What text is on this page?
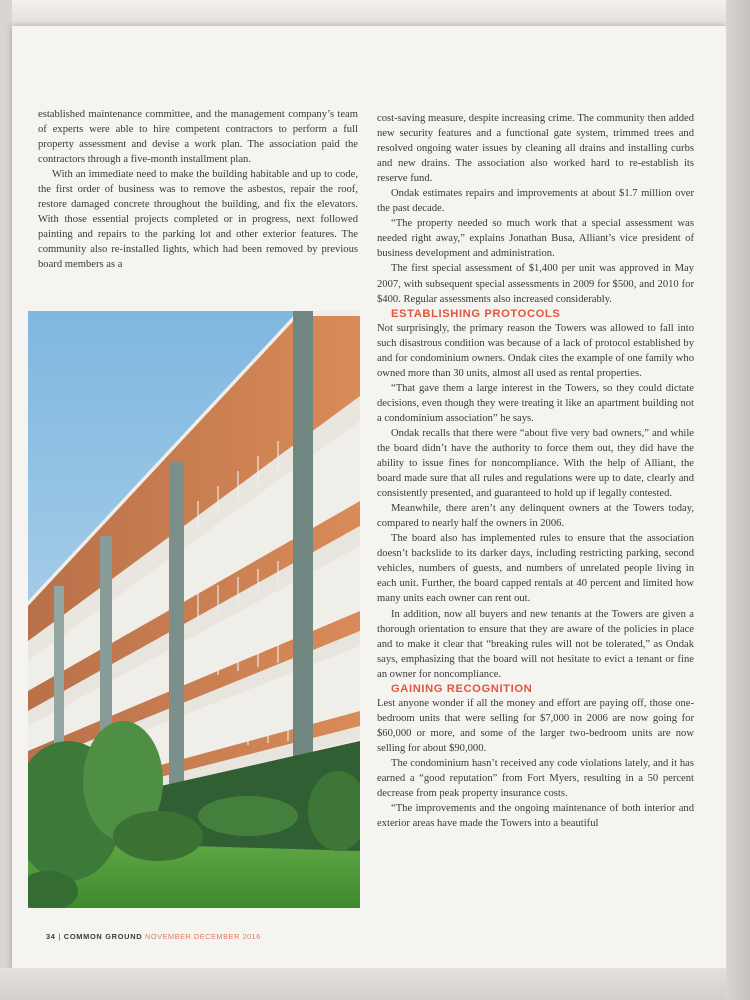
established maintenance committee, and the management company’s team of experts were able to hire competent contractors to perform a full property assessment and devise a work plan. The association paid the contractors through a five-month installment plan.

With an immediate need to make the building habitable and up to code, the first order of business was to remove the asbestos, repair the roof, restore damaged concrete throughout the building, and fix the elevators. With those essential projects completed or in progress, next followed painting and repairs to the parking lot and other exterior features. The community also re-installed lights, which had been removed by previous board members as a

cost-saving measure, despite increasing crime. The community then added new security features and a functional gate system, trimmed trees and resolved ongoing water issues by cleaning all drains and installing curbs and new drains. The association also worked hard to re-establish its reserve fund.

Ondak estimates repairs and improvements at about $1.7 million over the past decade.

“The property needed so much work that a special assessment was needed right away,” explains Jonathan Busa, Alliant’s vice president of business development and administration.

The first special assessment of $1,400 per unit was approved in May 2007, with subsequent special assessments in 2009 for $500, and 2010 for $400. Regular assessments also increased considerably.

ESTABLISHING PROTOCOLS

Not surprisingly, the primary reason the Towers was allowed to fall into such disastrous condition was because of a lack of protocol established by and for condominium owners. Ondak cites the example of one family who owned more than 30 units, almost all used as rental properties.

“That gave them a large interest in the Towers, so they could dictate decisions, even though they were treating it like an apartment building not a condominium association” he says.

Ondak recalls that there were “about five very bad owners,” and while the board didn’t have the authority to force them out, they did have the ability to issue fines for noncompliance. With the help of Alliant, the board made sure that all rules and regulations were up to date, clearly and consistently presented, and guaranteed to hold up if legally contested.

Meanwhile, there aren’t any delinquent owners at the Towers today, compared to nearly half the owners in 2006.

The board also has implemented rules to ensure that the association doesn’t backslide to its darker days, including restricting parking, second vehicles, numbers of guests, and numbers of unrelated people living in each unit. Further, the board capped rentals at 40 percent and limited how many units each owner can rent out.

In addition, now all buyers and new tenants at the Towers are given a thorough orientation to ensure that they are aware of the policies in place and to make it clear that “breaking rules will not be tolerated,” as Ondak says, emphasizing that the board will not hesitate to evict a tenant or fine an owner for noncompliance.

GAINING RECOGNITION

Lest anyone wonder if all the money and effort are paying off, those one-bedroom units that were selling for $7,000 in 2006 are now going for $60,000 or more, and some of the larger two-bedroom units are now selling for about $90,000.

The condominium hasn’t received any code violations lately, and it has earned a “good reputation” from Fort Myers, resulting in a 50 percent decrease from peak property insurance costs.

“The improvements and the ongoing maintenance of both interior and exterior areas have made the Towers into a beautiful

34 | COMMON GROUND NOVEMBER DECEMBER 2016
